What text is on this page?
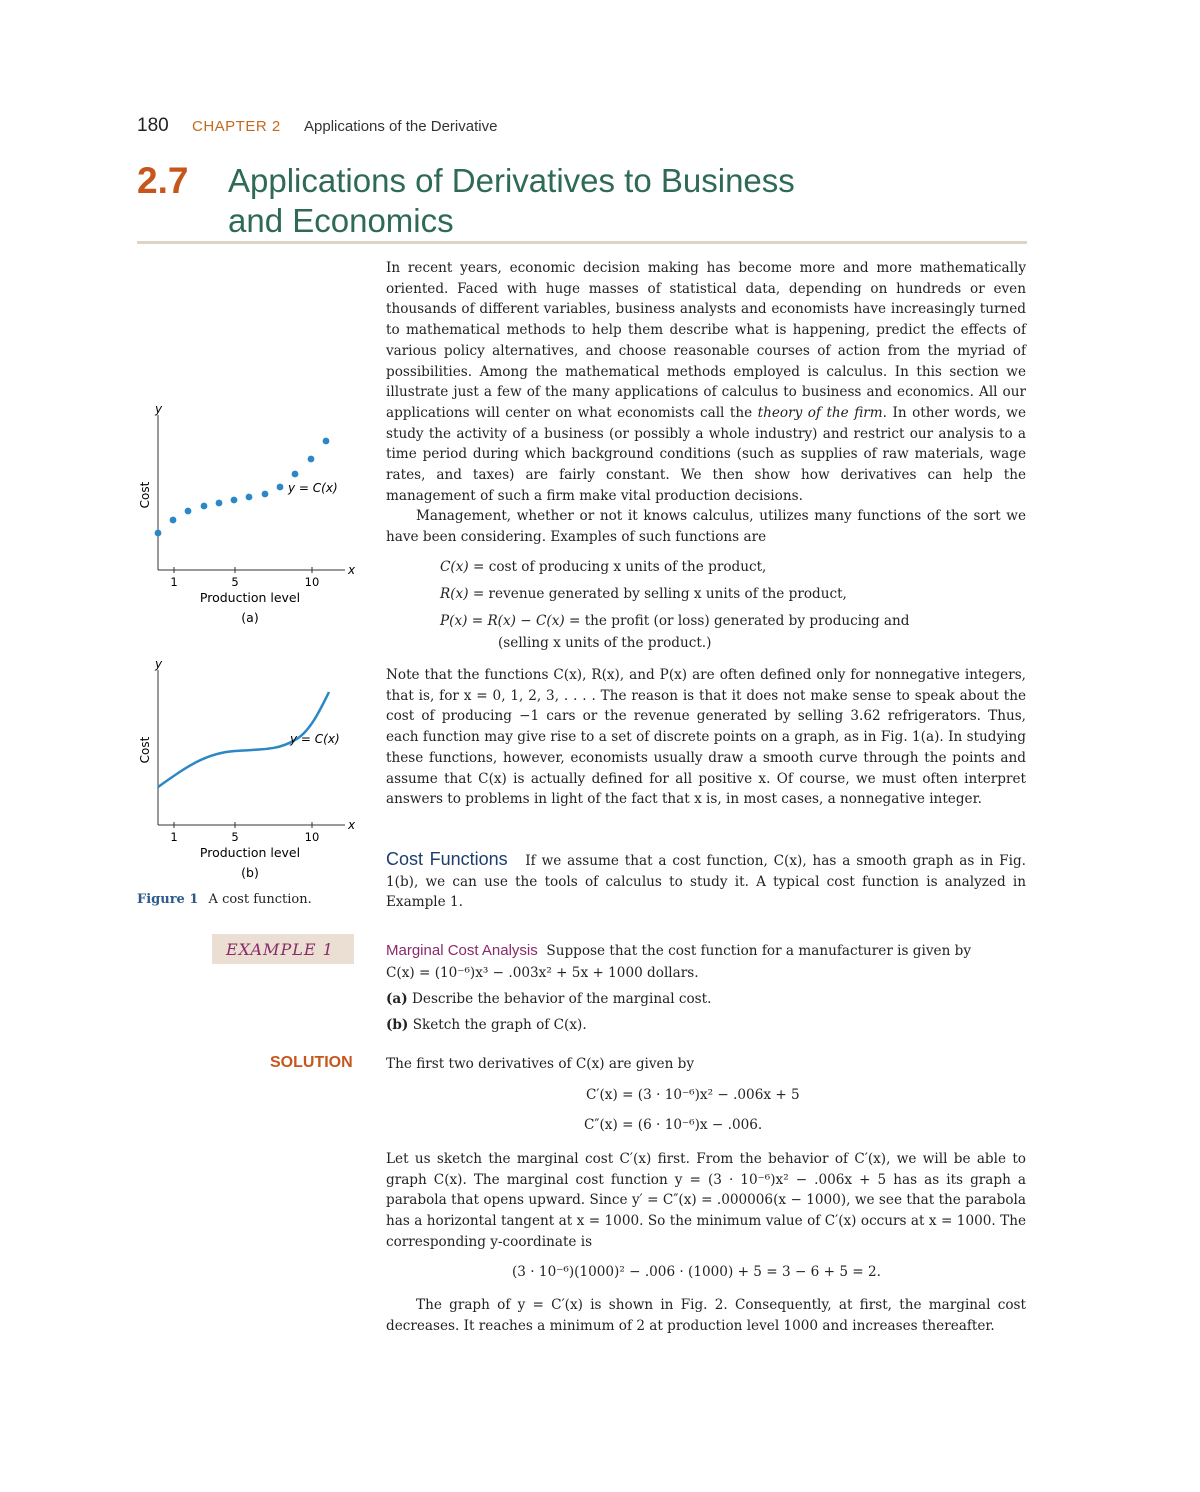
180 CHAPTER 2 Applications of the Derivative
2.7 Applications of Derivatives to Business
and Economics
y
x
Cost
1	5	10
y = C(x)
Production level
(a)
y
x
Cost
1	5	10
y = C(x)
Production level
(b)
Figure 1 A cost function.
In recent years, economic decision making has become more and more mathematically oriented. Faced with huge masses of statistical data, depending on hundreds or even thousands of different variables, business analysts and economists have increasingly turned to mathematical methods to help them describe what is happening, predict the effects of various policy alternatives, and choose reasonable courses of action from the myriad of possibilities. Among the mathematical methods employed is calculus. In this section we illustrate just a few of the many applications of calculus to business and economics. All our applications will center on what economists call the theory of the firm. In other words, we study the activity of a business (or possibly a whole industry) and restrict our analysis to a time period during which background conditions (such as supplies of raw materials, wage rates, and taxes) are fairly constant. We then show how derivatives can help the management of such a firm make vital production decisions.
Management, whether or not it knows calculus, utilizes many functions of the sort we have been considering. Examples of such functions are
C(x) = cost of producing x units of the product,
R(x) = revenue generated by selling x units of the product,
P(x) = R(x) − C(x) = the profit (or loss) generated by producing and
(selling x units of the product.)
Note that the functions C(x), R(x), and P(x) are often defined only for nonnegative integers, that is, for x = 0, 1, 2, 3, . . . . The reason is that it does not make sense to speak about the cost of producing −1 cars or the revenue generated by selling 3.62 refrigerators. Thus, each function may give rise to a set of discrete points on a graph, as in Fig. 1(a). In studying these functions, however, economists usually draw a smooth curve through the points and assume that C(x) is actually defined for all positive x. Of course, we must often interpret answers to problems in light of the fact that x is, in most cases, a nonnegative integer.
Cost Functions If we assume that a cost function, C(x), has a smooth graph as in Fig. 1(b), we can use the tools of calculus to study it. A typical cost function is analyzed in Example 1.
EXAMPLE 1	Marginal Cost Analysis Suppose that the cost function for a manufacturer is given by
C(x) = (10⁻⁶)x³ − .003x² + 5x + 1000 dollars.
(a) Describe the behavior of the marginal cost.
(b) Sketch the graph of C(x).
SOLUTION The first two derivatives of C(x) are given by
C′(x) = (3 · 10⁻⁶)x² − .006x + 5
C″(x) = (6 · 10⁻⁶)x − .006.
Let us sketch the marginal cost C′(x) first. From the behavior of C′(x), we will be able to graph C(x). The marginal cost function y = (3 · 10⁻⁶)x² − .006x + 5 has as its graph a parabola that opens upward. Since y′ = C″(x) = .000006(x − 1000), we see that the parabola has a horizontal tangent at x = 1000. So the minimum value of C′(x) occurs at x = 1000. The corresponding y-coordinate is
(3 · 10⁻⁶)(1000)² − .006 · (1000) + 5 = 3 − 6 + 5 = 2.
The graph of y = C′(x) is shown in Fig. 2. Consequently, at first, the marginal cost decreases. It reaches a minimum of 2 at production level 1000 and increases thereafter.
